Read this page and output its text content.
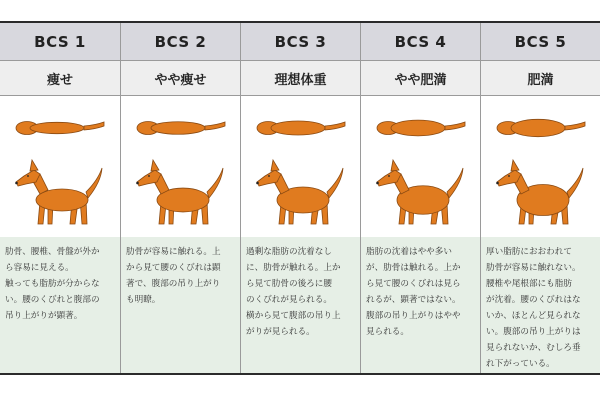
BCS 1
痩せ
肋骨、腰椎、骨盤が外か
ら容易に見える。
触っても脂肪が分からな
い。腰のくびれと腹部の
吊り上がりが顕著。
BCS 2
やや痩せ
肋骨が容易に触れる。上
から見て腰のくびれは顕
著で、腹部の吊り上がり
も明瞭。
BCS 3
理想体重
過剰な脂肪の沈着なし
に、肋骨が触れる。上か
ら見て肋骨の後ろに腰
のくびれが見られる。
横から見て腹部の吊り上
がりが見られる。
BCS 4
やや肥満
脂肪の沈着はやや多い
が、肋骨は触れる。上か
ら見て腰のくびれは見ら
れるが、顕著ではない。
腹部の吊り上がりはやや
見られる。
BCS 5
肥満
厚い脂肪におおわれて
肋骨が容易に触れない。
腰椎や尾根部にも脂肪
が沈着。腰のくびれはな
いか、ほとんど見られな
い。腹部の吊り上がりは
見られないか、むしろ垂
れ下がっている。
